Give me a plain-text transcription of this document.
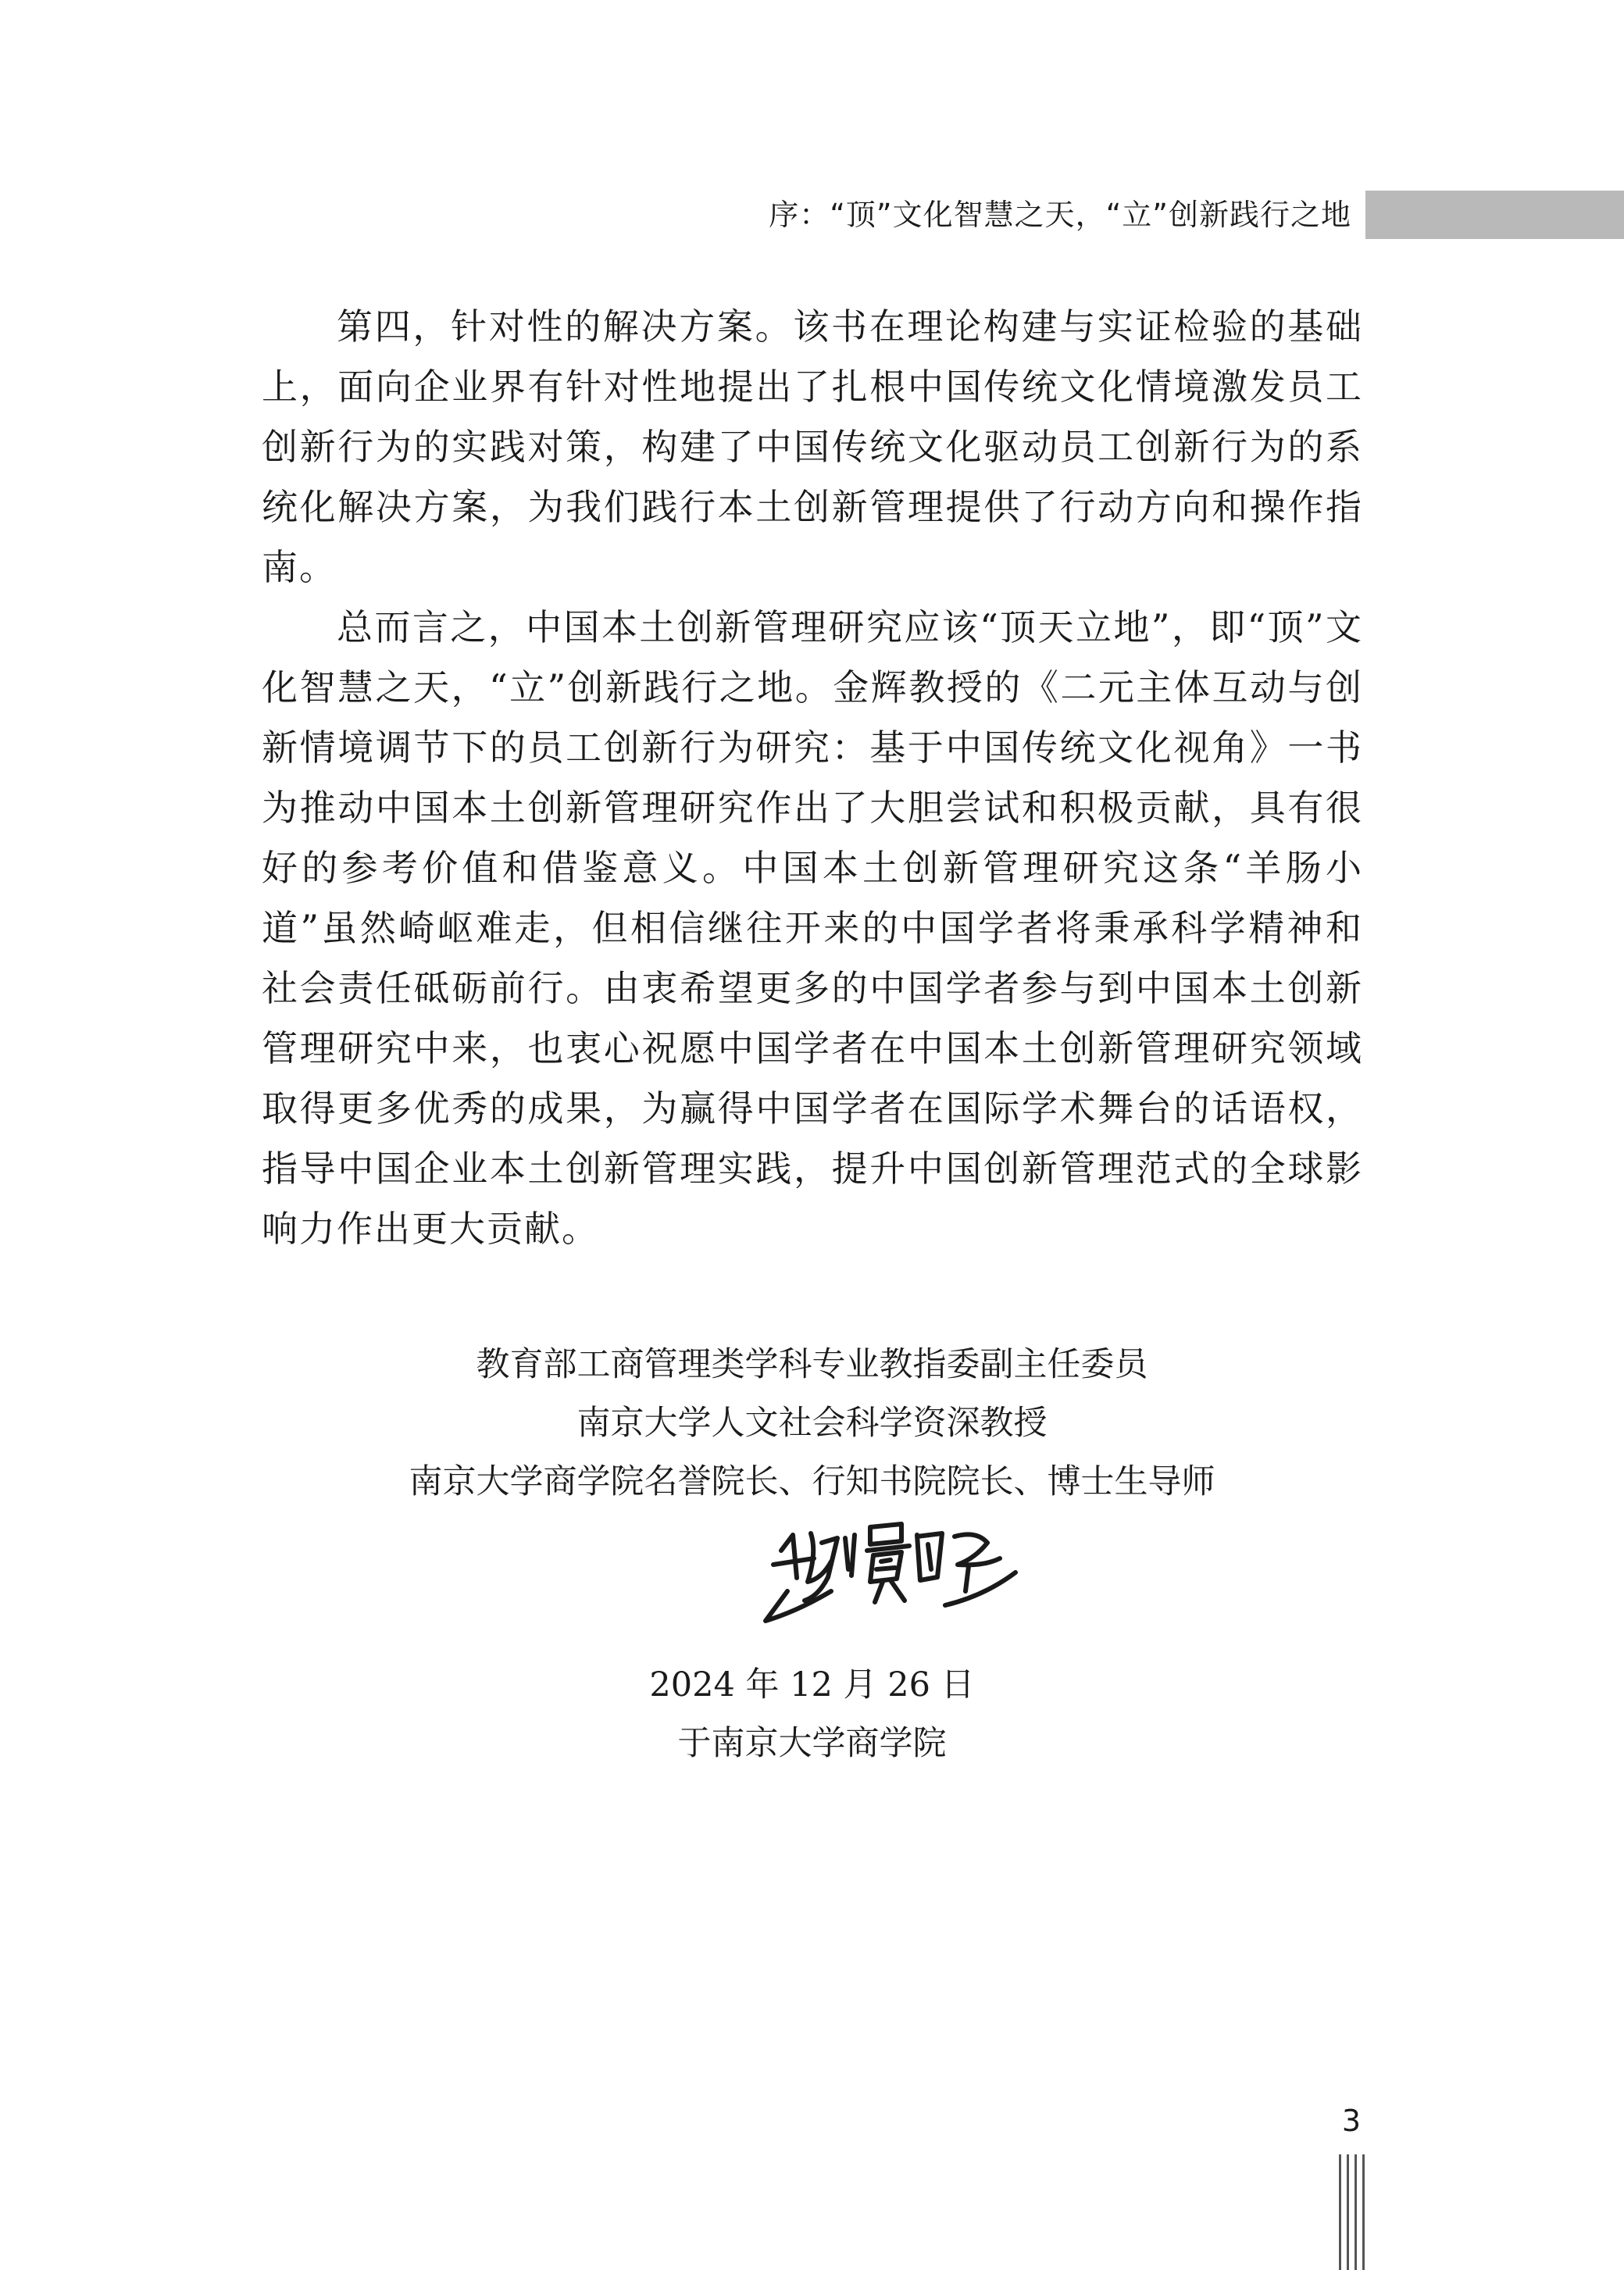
序：“顶”文化智慧之天，“立”创新践行之地

第四，针对性的解决方案。该书在理论构建与实证检验的基础上，面向企业界有针对性地提出了扎根中国传统文化情境激发员工创新行为的实践对策，构建了中国传统文化驱动员工创新行为的系统化解决方案，为我们践行本土创新管理提供了行动方向和操作指南。

总而言之，中国本土创新管理研究应该“顶天立地”，即“顶”文化智慧之天，“立”创新践行之地。金辉教授的《二元主体互动与创新情境调节下的员工创新行为研究：基于中国传统文化视角》一书为推动中国本土创新管理研究作出了大胆尝试和积极贡献，具有很好的参考价值和借鉴意义。中国本土创新管理研究这条“羊肠小道”虽然崎岖难走，但相信继往开来的中国学者将秉承科学精神和社会责任砥砺前行。由衷希望更多的中国学者参与到中国本土创新管理研究中来，也衷心祝愿中国学者在中国本土创新管理研究领域取得更多优秀的成果，为赢得中国学者在国际学术舞台的话语权，指导中国企业本土创新管理实践，提升中国创新管理范式的全球影响力作出更大贡献。

教育部工商管理类学科专业教指委副主任委员
南京大学人文社会科学资深教授
南京大学商学院名誉院长、行知书院院长、博士生导师
2024 年 12 月 26 日
于南京大学商学院
3
